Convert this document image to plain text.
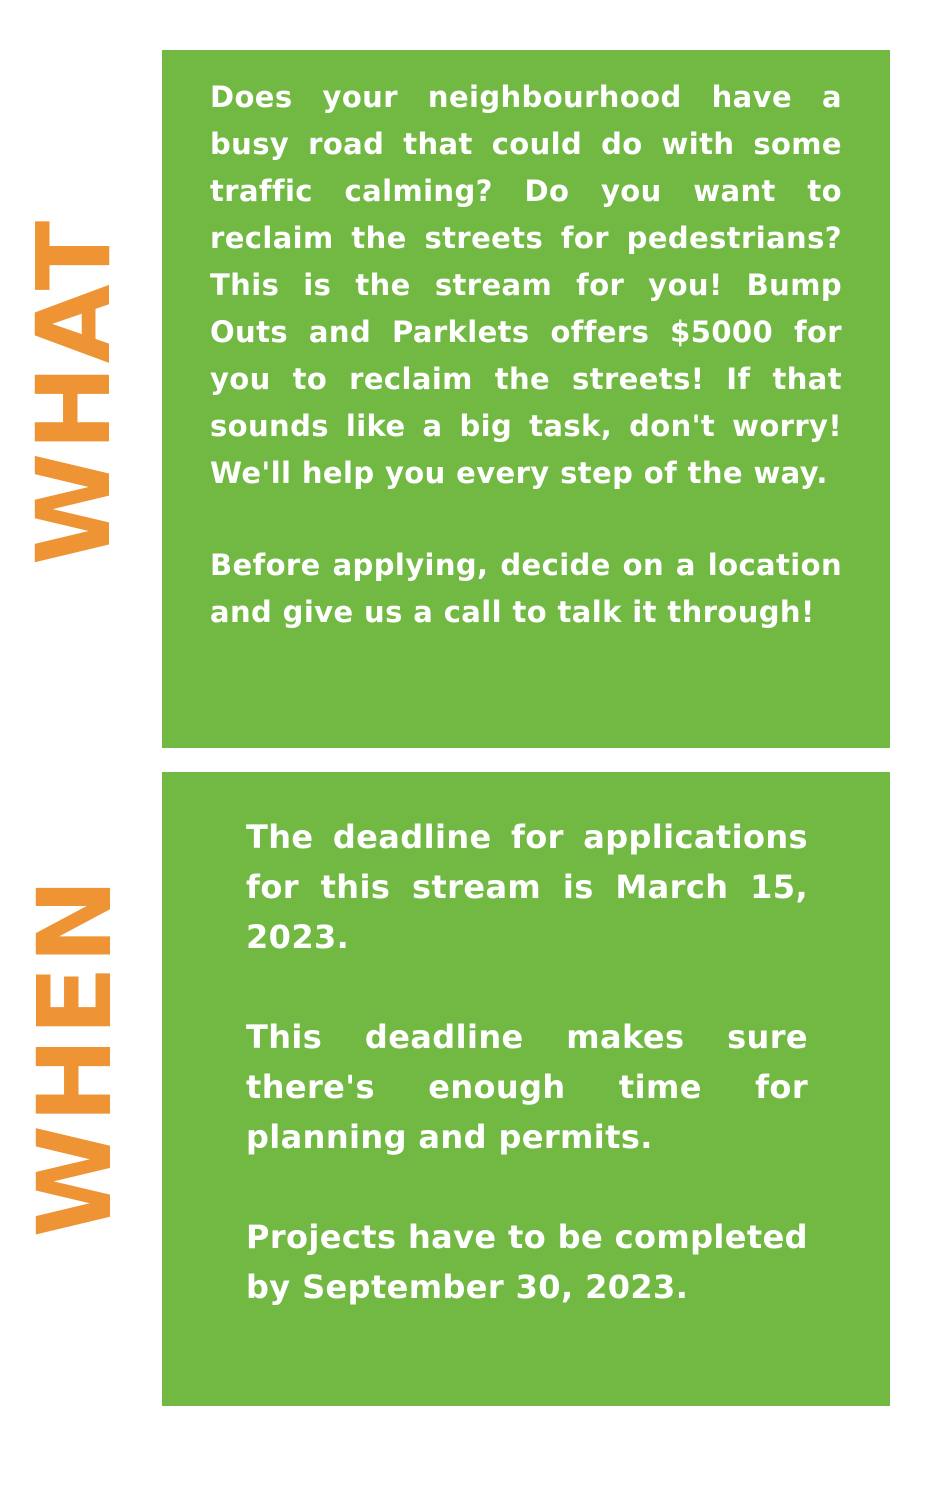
WHAT

Does your neighbourhood have a busy road that could do with some traffic calming? Do you want to reclaim the streets for pedestrians? This is the stream for you! Bump Outs and Parklets offers $5000 for you to reclaim the streets! If that sounds like a big task, don't worry! We'll help you every step of the way.

Before applying, decide on a location and give us a call to talk it through!

WHEN

The deadline for applications for this stream is March 15, 2023.

This deadline makes sure there's enough time for planning and permits.

Projects have to be completed by September 30, 2023.
